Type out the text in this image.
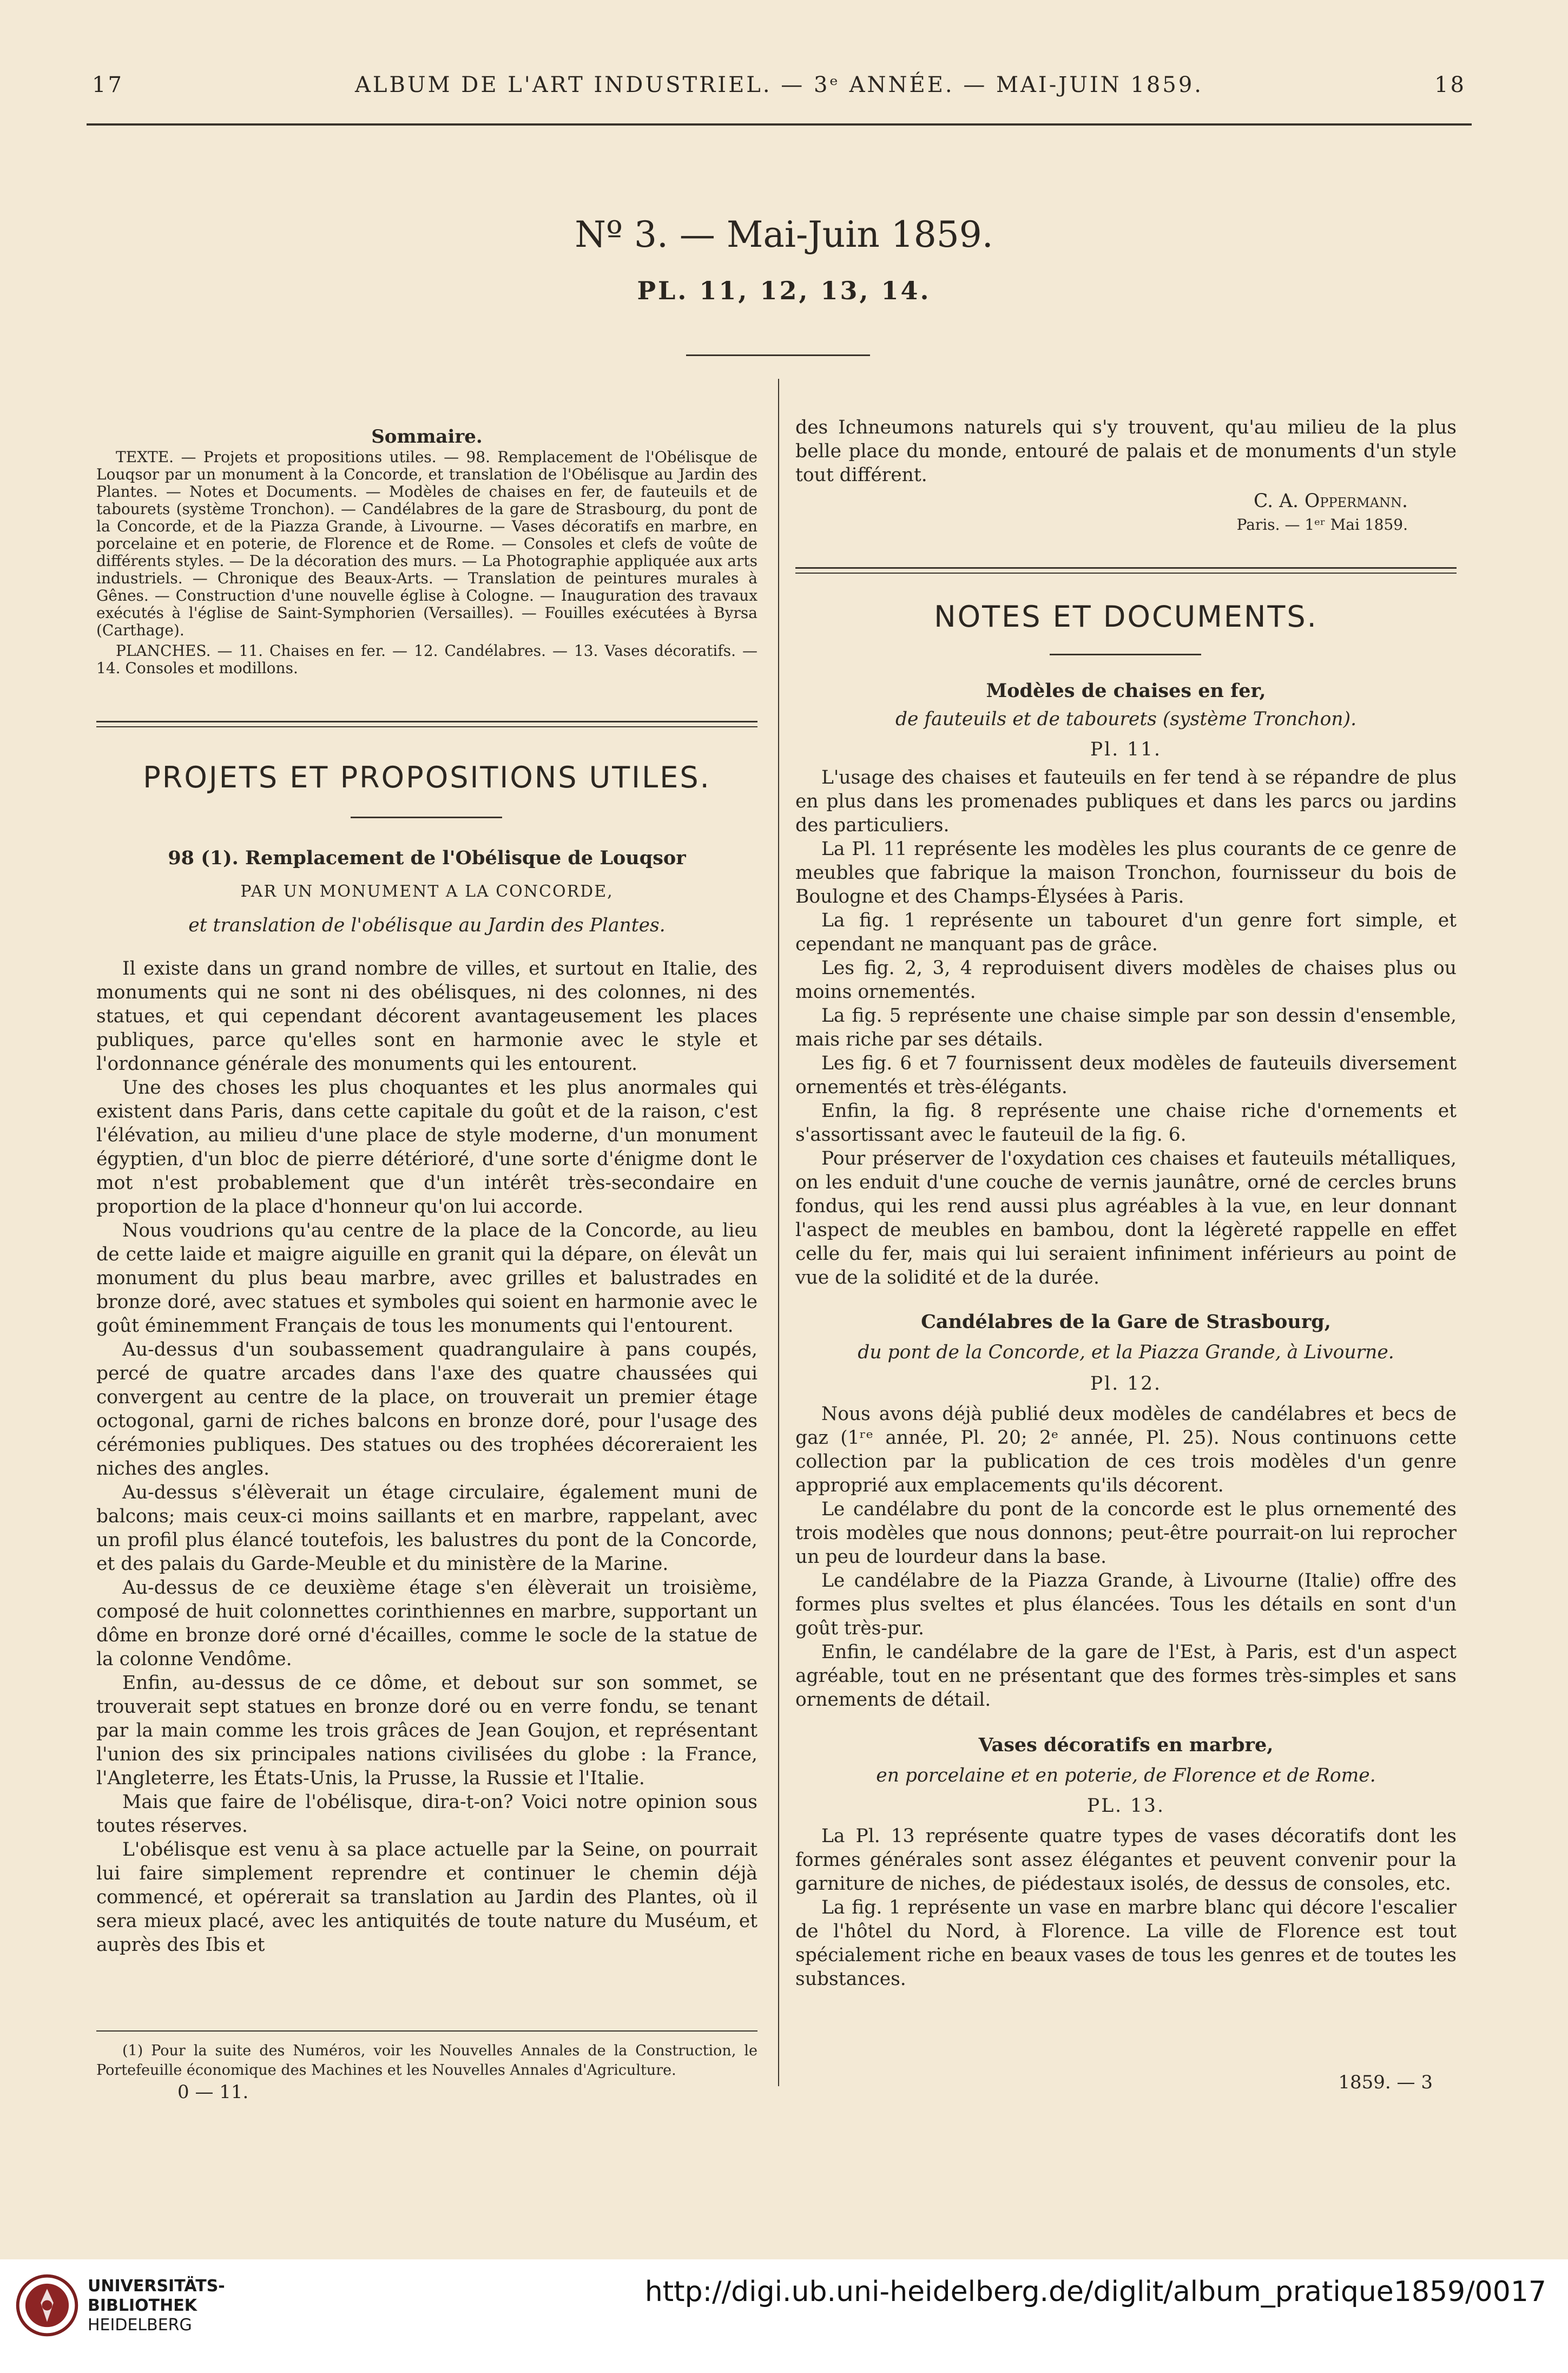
17	ALBUM DE L'ART INDUSTRIEL. — 3ᵉ ANNÉE. — MAI-JUIN 1859.	18
Nº 3. — Mai-Juin 1859.
PL. 11, 12, 13, 14.

Sommaire.

TEXTE. — Projets et propositions utiles. — 98. Remplacement de l'Obélisque de Louqsor par un monument à la Concorde, et translation de l'Obélisque au Jardin des Plantes. — Notes et Documents. — Modèles de chaises en fer, de fauteuils et de tabourets (système Tronchon). — Candélabres de la gare de Strasbourg, du pont de la Concorde, et de la Piazza Grande, à Livourne. — Vases décoratifs en marbre, en porcelaine et en poterie, de Florence et de Rome. — Consoles et clefs de voûte de différents styles. — De la décoration des murs. — La Photographie appliquée aux arts industriels. — Chronique des Beaux-Arts. — Translation de peintures murales à Gênes. — Construction d'une nouvelle église à Cologne. — Inauguration des travaux exécutés à l'église de Saint-Symphorien (Versailles). — Fouilles exécutées à Byrsa (Carthage).

PLANCHES. — 11. Chaises en fer. — 12. Candélabres. — 13. Vases décoratifs. — 14. Consoles et modillons.

PROJETS ET PROPOSITIONS UTILES.

98 (1). Remplacement de l'Obélisque de Louqsor

PAR UN MONUMENT A LA CONCORDE,

et translation de l'obélisque au Jardin des Plantes.

Il existe dans un grand nombre de villes, et surtout en Italie, des monuments qui ne sont ni des obélisques, ni des colonnes, ni des statues, et qui cependant décorent avantageusement les places publiques, parce qu'elles sont en harmonie avec le style et l'ordonnance générale des monuments qui les entourent.

Une des choses les plus choquantes et les plus anormales qui existent dans Paris, dans cette capitale du goût et de la raison, c'est l'élévation, au milieu d'une place de style moderne, d'un monument égyptien, d'un bloc de pierre détérioré, d'une sorte d'énigme dont le mot n'est probablement que d'un intérêt très-secondaire en proportion de la place d'honneur qu'on lui accorde.

Nous voudrions qu'au centre de la place de la Concorde, au lieu de cette laide et maigre aiguille en granit qui la dépare, on élevât un monument du plus beau marbre, avec grilles et balustrades en bronze doré, avec statues et symboles qui soient en harmonie avec le goût éminemment Français de tous les monuments qui l'entourent.

Au-dessus d'un soubassement quadrangulaire à pans coupés, percé de quatre arcades dans l'axe des quatre chaussées qui convergent au centre de la place, on trouverait un premier étage octogonal, garni de riches balcons en bronze doré, pour l'usage des cérémonies publiques. Des statues ou des trophées décoreraient les niches des angles.

Au-dessus s'élèverait un étage circulaire, également muni de balcons; mais ceux-ci moins saillants et en marbre, rappelant, avec un profil plus élancé toutefois, les balustres du pont de la Concorde, et des palais du Garde-Meuble et du ministère de la Marine.

Au-dessus de ce deuxième étage s'en élèverait un troisième, composé de huit colonnettes corinthiennes en marbre, supportant un dôme en bronze doré orné d'écailles, comme le socle de la statue de la colonne Vendôme.

Enfin, au-dessus de ce dôme, et debout sur son sommet, se trouverait sept statues en bronze doré ou en verre fondu, se tenant par la main comme les trois grâces de Jean Goujon, et représentant l'union des six principales nations civilisées du globe : la France, l'Angleterre, les États-Unis, la Prusse, la Russie et l'Italie.

Mais que faire de l'obélisque, dira-t-on? Voici notre opinion sous toutes réserves.

L'obélisque est venu à sa place actuelle par la Seine, on pourrait lui faire simplement reprendre et continuer le chemin déjà commencé, et opérerait sa translation au Jardin des Plantes, où il sera mieux placé, avec les antiquités de toute nature du Muséum, et auprès des Ibis et

(1) Pour la suite des Numéros, voir les Nouvelles Annales de la Construction, le Portefeuille économique des Machines et les Nouvelles Annales d'Agriculture.

0 — 11.

des Ichneumons naturels qui s'y trouvent, qu'au milieu de la plus belle place du monde, entouré de palais et de monuments d'un style tout différent.

C. A. Oppermann.

Paris. — 1ᵉʳ Mai 1859.

NOTES ET DOCUMENTS.

Modèles de chaises en fer,

de fauteuils et de tabourets (système Tronchon).

Pl. 11.

L'usage des chaises et fauteuils en fer tend à se répandre de plus en plus dans les promenades publiques et dans les parcs ou jardins des particuliers.

La Pl. 11 représente les modèles les plus courants de ce genre de meubles que fabrique la maison Tronchon, fournisseur du bois de Boulogne et des Champs-Élysées à Paris.

La fig. 1 représente un tabouret d'un genre fort simple, et cependant ne manquant pas de grâce.

Les fig. 2, 3, 4 reproduisent divers modèles de chaises plus ou moins ornementés.

La fig. 5 représente une chaise simple par son dessin d'ensemble, mais riche par ses détails.

Les fig. 6 et 7 fournissent deux modèles de fauteuils diversement ornementés et très-élégants.

Enfin, la fig. 8 représente une chaise riche d'ornements et s'assortissant avec le fauteuil de la fig. 6.

Pour préserver de l'oxydation ces chaises et fauteuils métalliques, on les enduit d'une couche de vernis jaunâtre, orné de cercles bruns fondus, qui les rend aussi plus agréables à la vue, en leur donnant l'aspect de meubles en bambou, dont la légèreté rappelle en effet celle du fer, mais qui lui seraient infiniment inférieurs au point de vue de la solidité et de la durée.

Candélabres de la Gare de Strasbourg,

du pont de la Concorde, et la Piazza Grande, à Livourne.

Pl. 12.

Nous avons déjà publié deux modèles de candélabres et becs de gaz (1ʳᵉ année, Pl. 20; 2ᵉ année, Pl. 25). Nous continuons cette collection par la publication de ces trois modèles d'un genre approprié aux emplacements qu'ils décorent.

Le candélabre du pont de la concorde est le plus ornementé des trois modèles que nous donnons; peut-être pourrait-on lui reprocher un peu de lourdeur dans la base.

Le candélabre de la Piazza Grande, à Livourne (Italie) offre des formes plus sveltes et plus élancées. Tous les détails en sont d'un goût très-pur.

Enfin, le candélabre de la gare de l'Est, à Paris, est d'un aspect agréable, tout en ne présentant que des formes très-simples et sans ornements de détail.

Vases décoratifs en marbre,

en porcelaine et en poterie, de Florence et de Rome.

PL. 13.

La Pl. 13 représente quatre types de vases décoratifs dont les formes générales sont assez élégantes et peuvent convenir pour la garniture de niches, de piédestaux isolés, de dessus de consoles, etc.

La fig. 1 représente un vase en marbre blanc qui décore l'escalier de l'hôtel du Nord, à Florence. La ville de Florence est tout spécialement riche en beaux vases de tous les genres et de toutes les substances.

1859. — 3
UNIVERSITÄTS-
BIBLIOTHEK
HEIDELBERG
http://digi.ub.uni-heidelberg.de/diglit/album_pratique1859/0017
